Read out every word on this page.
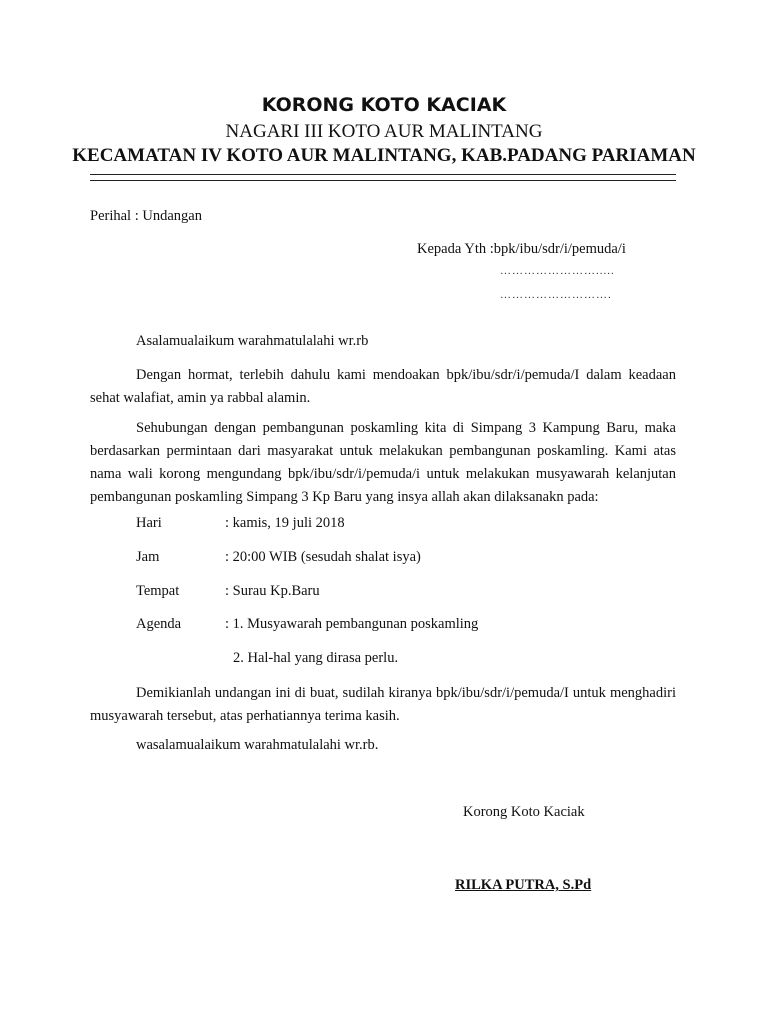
KORONG KOTO KACIAK
NAGARI III KOTO AUR MALINTANG
KECAMATAN IV KOTO AUR MALINTANG, KAB.PADANG PARIAMAN
Perihal : Undangan
Kepada Yth :bpk/ibu/sdr/i/pemuda/i
…………………….....
……………………….
Asalamualaikum warahmatulalahi wr.rb
Dengan hormat, terlebih dahulu kami mendoakan bpk/ibu/sdr/i/pemuda/I dalam keadaan sehat walafiat, amin ya rabbal alamin.
Sehubungan dengan pembangunan poskamling kita di Simpang 3 Kampung Baru, maka berdasarkan permintaan dari masyarakat untuk melakukan pembangunan poskamling. Kami atas nama wali korong mengundang bpk/ibu/sdr/i/pemuda/i untuk melakukan musyawarah kelanjutan pembangunan poskamling Simpang 3 Kp Baru yang insya allah akan dilaksanakn pada:
Hari	: kamis, 19 juli 2018
Jam	: 20:00 WIB (sesudah shalat isya)
Tempat	: Surau Kp.Baru
Agenda	: 1. Musyawarah pembangunan poskamling
2. Hal-hal yang dirasa perlu.
Demikianlah undangan ini di buat, sudilah kiranya bpk/ibu/sdr/i/pemuda/I untuk menghadiri musyawarah tersebut, atas perhatiannya terima kasih.
wasalamualaikum warahmatulalahi wr.rb.
Korong Koto Kaciak
RILKA PUTRA, S.Pd
